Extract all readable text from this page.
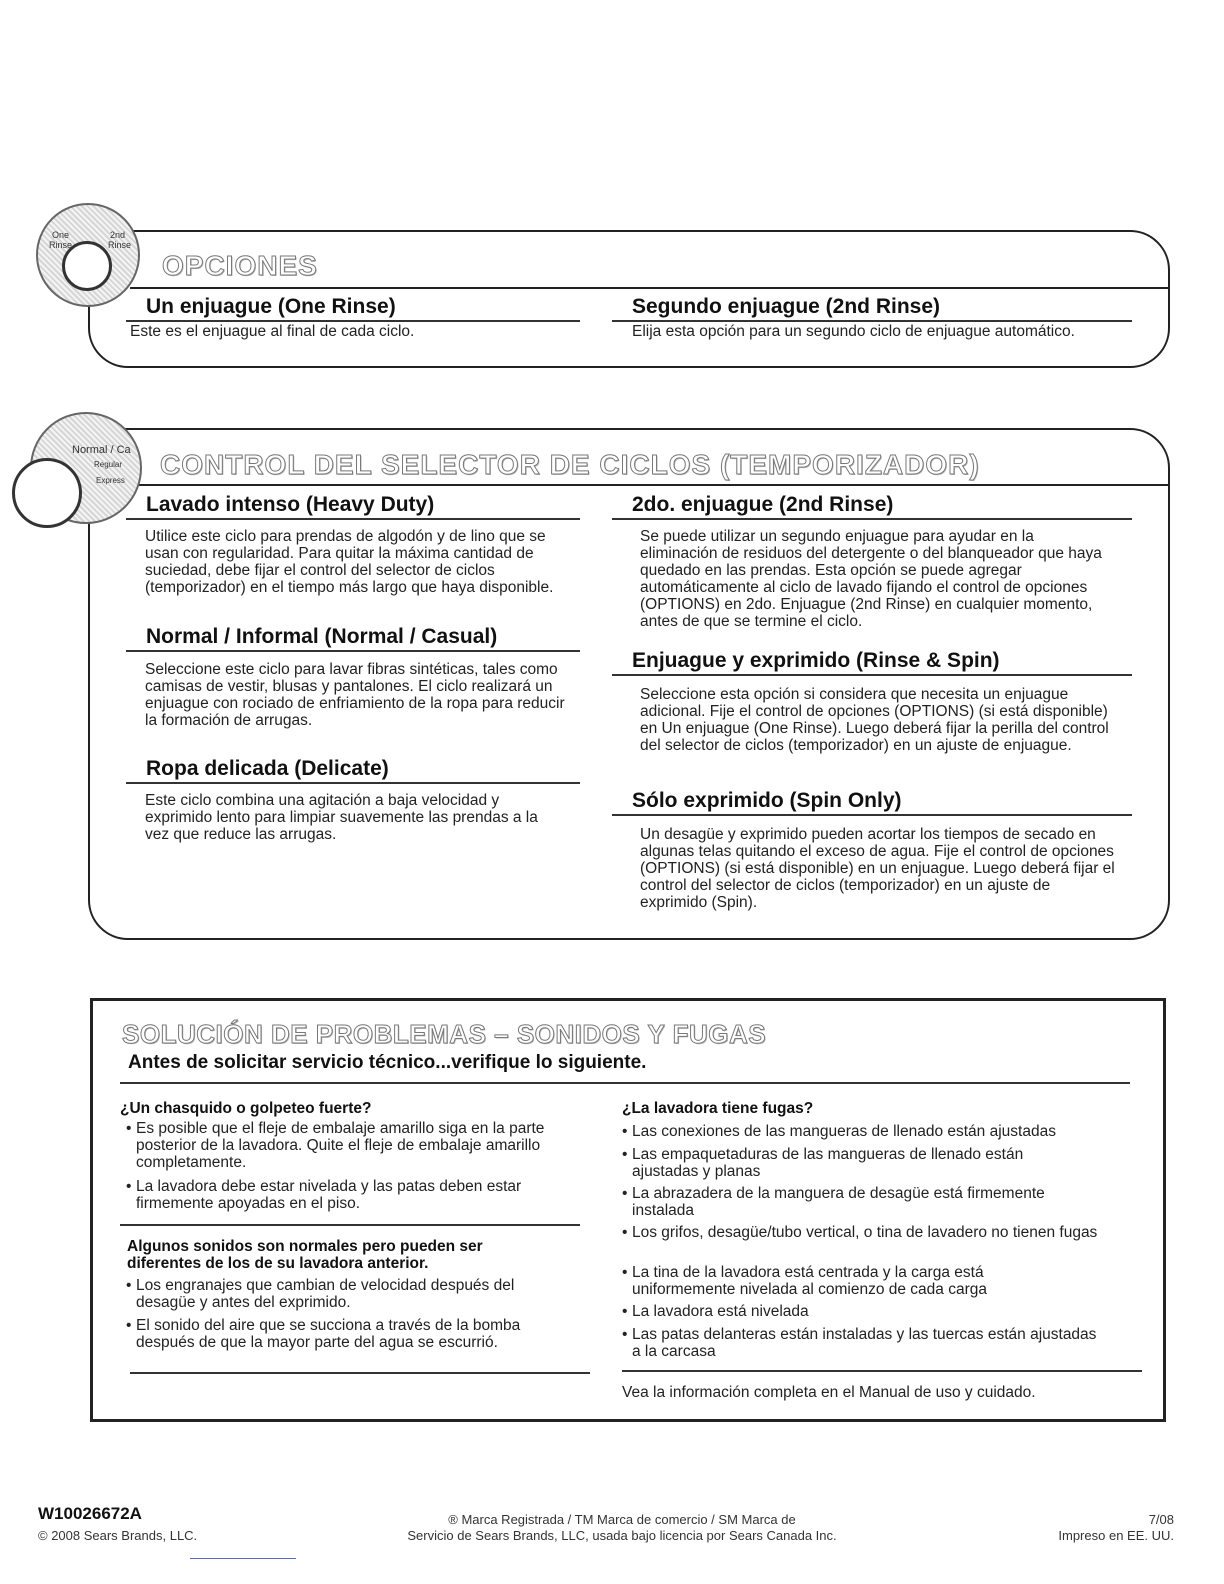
One
Rinse
2nd
Rinse
OPCIONES
Un enjuague (One Rinse)
Este es el enjuague al final de cada ciclo.
Segundo enjuague (2nd Rinse)
Elija esta opción para un segundo ciclo de enjuague automático.
Normal / Ca
Regular
Express
CONTROL DEL SELECTOR DE CICLOS (TEMPORIZADOR)
Lavado intenso (Heavy Duty)
Utilice este ciclo para prendas de algodón y de lino que se usan con regularidad. Para quitar la máxima cantidad de suciedad, debe fijar el control del selector de ciclos (temporizador) en el tiempo más largo que haya disponible.
Normal / Informal (Normal / Casual)
Seleccione este ciclo para lavar fibras sintéticas, tales como camisas de vestir, blusas y pantalones. El ciclo realizará un enjuague con rociado de enfriamiento de la ropa para reducir la formación de arrugas.
Ropa delicada (Delicate)
Este ciclo combina una agitación a baja velocidad y exprimido lento para limpiar suavemente las prendas a la vez que reduce las arrugas.
2do. enjuague (2nd Rinse)
Se puede utilizar un segundo enjuague para ayudar en la eliminación de residuos del detergente o del blanqueador que haya quedado en las prendas. Esta opción se puede agregar automáticamente al ciclo de lavado fijando el control de opciones (OPTIONS) en 2do. Enjuague (2nd Rinse) en cualquier momento, antes de que se termine el ciclo.
Enjuague y exprimido (Rinse & Spin)
Seleccione esta opción si considera que necesita un enjuague adicional. Fije el control de opciones (OPTIONS) (si está disponible) en Un enjuague (One Rinse). Luego deberá fijar la perilla del control del selector de ciclos (temporizador) en un ajuste de enjuague.
Sólo exprimido (Spin Only)
Un desagüe y exprimido pueden acortar los tiempos de secado en algunas telas quitando el exceso de agua. Fije el control de opciones (OPTIONS) (si está disponible) en un enjuague. Luego deberá fijar el control del selector de ciclos (temporizador) en un ajuste de exprimido (Spin).
SOLUCIÓN DE PROBLEMAS – SONIDOS Y FUGAS
Antes de solicitar servicio técnico...verifique lo siguiente.
¿Un chasquido o golpeteo fuerte?
• Es posible que el fleje de embalaje amarillo siga en la parte posterior de la lavadora. Quite el fleje de embalaje amarillo completamente.
• La lavadora debe estar nivelada y las patas deben estar firmemente apoyadas en el piso.
Algunos sonidos son normales pero pueden ser diferentes de los de su lavadora anterior.
• Los engranajes que cambian de velocidad después del desagüe y antes del exprimido.
• El sonido del aire que se succiona a través de la bomba después de que la mayor parte del agua se escurrió.
¿La lavadora tiene fugas?
• Las conexiones de las mangueras de llenado están ajustadas
• Las empaquetaduras de las mangueras de llenado están ajustadas y planas
• La abrazadera de la manguera de desagüe está firmemente instalada
• Los grifos, desagüe/tubo vertical, o tina de lavadero no tienen fugas
• La tina de la lavadora está centrada y la carga está uniformemente nivelada al comienzo de cada carga
• La lavadora está nivelada
• Las patas delanteras están instaladas y las tuercas están ajustadas a la carcasa
Vea la información completa en el Manual de uso y cuidado.
W10026672A
© 2008 Sears Brands, LLC.
® Marca Registrada / TM Marca de comercio / SM Marca de
Servicio de Sears Brands, LLC, usada bajo licencia por Sears Canada Inc.
7/08
Impreso en EE. UU.
